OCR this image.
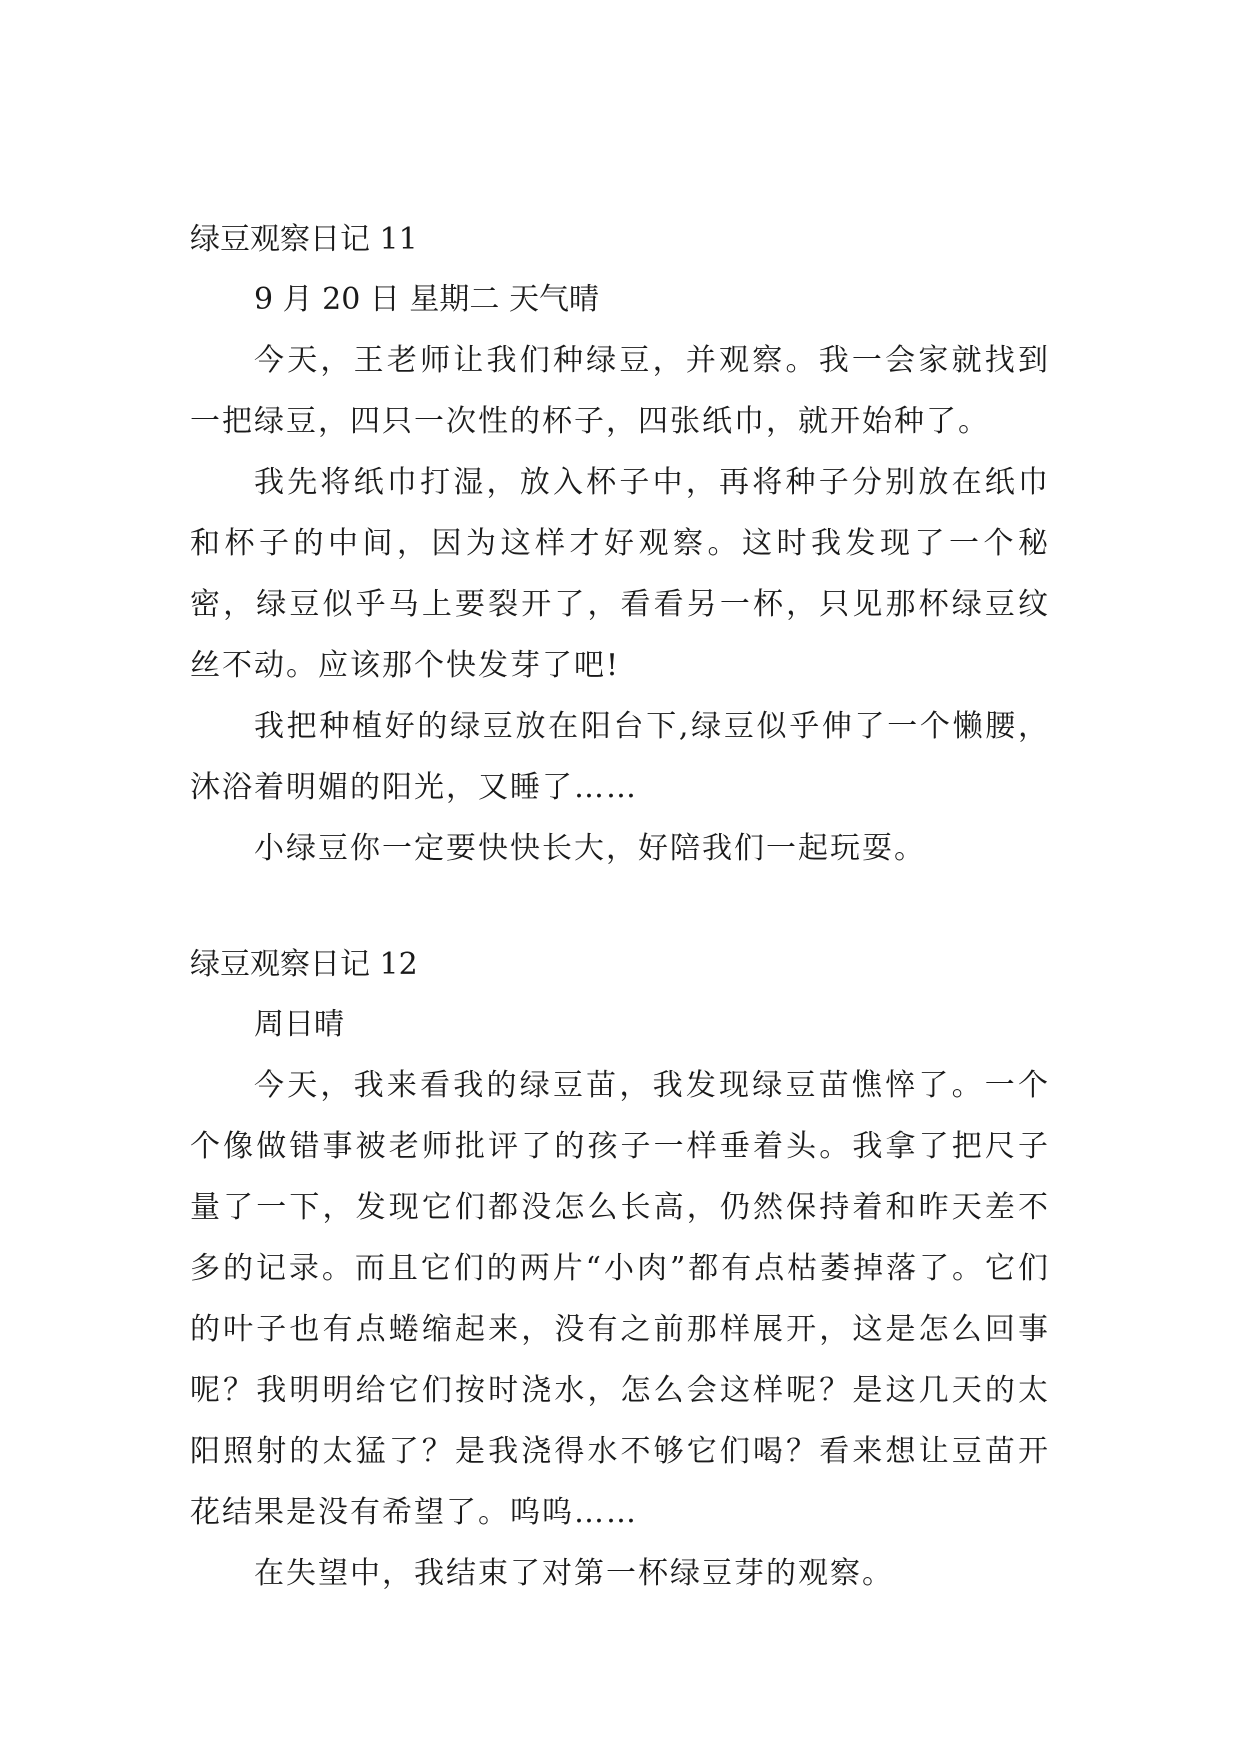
绿豆观察日记 11
9 月 20 日 星期二 天气晴

今天，王老师让我们种绿豆，并观察。我一会家就找到一把绿豆，四只一次性的杯子，四张纸巾，就开始种了。

我先将纸巾打湿，放入杯子中，再将种子分别放在纸巾和杯子的中间，因为这样才好观察。这时我发现了一个秘密，绿豆似乎马上要裂开了，看看另一杯，只见那杯绿豆纹丝不动。应该那个快发芽了吧!

我把种植好的绿豆放在阳台下,绿豆似乎伸了一个懒腰，沐浴着明媚的阳光，又睡了……

小绿豆你一定要快快长大，好陪我们一起玩耍。

绿豆观察日记 12
周日晴

今天，我来看我的绿豆苗，我发现绿豆苗憔悴了。一个个像做错事被老师批评了的孩子一样垂着头。我拿了把尺子量了一下，发现它们都没怎么长高，仍然保持着和昨天差不多的记录。而且它们的两片“小肉”都有点枯萎掉落了。它们的叶子也有点蜷缩起来，没有之前那样展开，这是怎么回事呢？我明明给它们按时浇水，怎么会这样呢？是这几天的太阳照射的太猛了？是我浇得水不够它们喝？看来想让豆苗开花结果是没有希望了。呜呜……

在失望中，我结束了对第一杯绿豆芽的观察。
